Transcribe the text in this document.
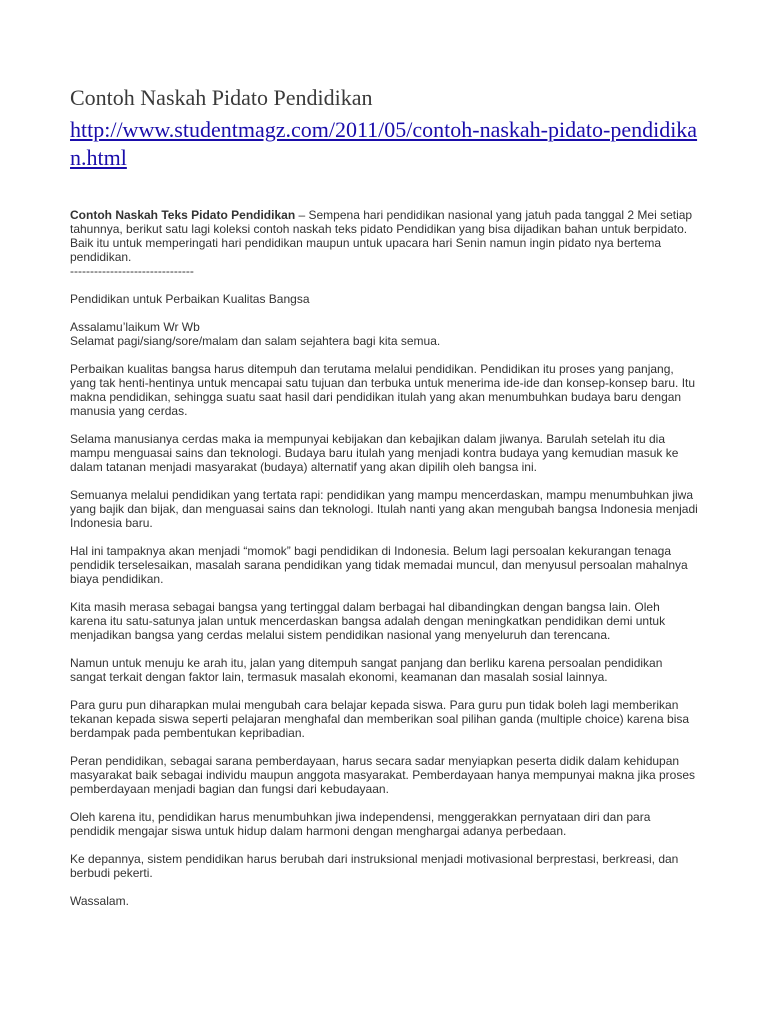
Contoh Naskah Pidato Pendidikan
http://www.studentmagz.com/2011/05/contoh-naskah-pidato-pendidikan.html

Contoh Naskah Teks Pidato Pendidikan – Sempena hari pendidikan nasional yang jatuh pada tanggal 2 Mei setiap tahunnya, berikut satu lagi koleksi contoh naskah teks pidato Pendidikan yang bisa dijadikan bahan untuk berpidato. Baik itu untuk memperingati hari pendidikan maupun untuk upacara hari Senin namun ingin pidato nya bertema pendidikan.

-------------------------------

Pendidikan untuk Perbaikan Kualitas Bangsa

Assalamu’laikum Wr Wb

Selamat pagi/siang/sore/malam dan salam sejahtera bagi kita semua.

Perbaikan kualitas bangsa harus ditempuh dan terutama melalui pendidikan. Pendidikan itu proses yang panjang, yang tak henti-hentinya untuk mencapai satu tujuan dan terbuka untuk menerima ide-ide dan konsep-konsep baru. Itu makna pendidikan, sehingga suatu saat hasil dari pendidikan itulah yang akan menumbuhkan budaya baru dengan manusia yang cerdas.

Selama manusianya cerdas maka ia mempunyai kebijakan dan kebajikan dalam jiwanya. Barulah setelah itu dia mampu menguasai sains dan teknologi. Budaya baru itulah yang menjadi kontra budaya yang kemudian masuk ke dalam tatanan menjadi masyarakat (budaya) alternatif yang akan dipilih oleh bangsa ini.

Semuanya melalui pendidikan yang tertata rapi: pendidikan yang mampu mencerdaskan, mampu menumbuhkan jiwa yang bajik dan bijak, dan menguasai sains dan teknologi. Itulah nanti yang akan mengubah bangsa Indonesia menjadi Indonesia baru.

Hal ini tampaknya akan menjadi “momok” bagi pendidikan di Indonesia. Belum lagi persoalan kekurangan tenaga pendidik terselesaikan, masalah sarana pendidikan yang tidak memadai muncul, dan menyusul persoalan mahalnya biaya pendidikan.

Kita masih merasa sebagai bangsa yang tertinggal dalam berbagai hal dibandingkan dengan bangsa lain. Oleh karena itu satu-satunya jalan untuk mencerdaskan bangsa adalah dengan meningkatkan pendidikan demi untuk menjadikan bangsa yang cerdas melalui sistem pendidikan nasional yang menyeluruh dan terencana.

Namun untuk menuju ke arah itu, jalan yang ditempuh sangat panjang dan berliku karena persoalan pendidikan sangat terkait dengan faktor lain, termasuk masalah ekonomi, keamanan dan masalah sosial lainnya.

Para guru pun diharapkan mulai mengubah cara belajar kepada siswa. Para guru pun tidak boleh lagi memberikan tekanan kepada siswa seperti pelajaran menghafal dan memberikan soal pilihan ganda (multiple choice) karena bisa berdampak pada pembentukan kepribadian.

Peran pendidikan, sebagai sarana pemberdayaan, harus secara sadar menyiapkan peserta didik dalam kehidupan masyarakat baik sebagai individu maupun anggota masyarakat. Pemberdayaan hanya mempunyai makna jika proses pemberdayaan menjadi bagian dan fungsi dari kebudayaan.

Oleh karena itu, pendidikan harus menumbuhkan jiwa independensi, menggerakkan pernyataan diri dan para pendidik mengajar siswa untuk hidup dalam harmoni dengan menghargai adanya perbedaan.

Ke depannya, sistem pendidikan harus berubah dari instruksional menjadi motivasional berprestasi, berkreasi, dan berbudi pekerti.

Wassalam.
